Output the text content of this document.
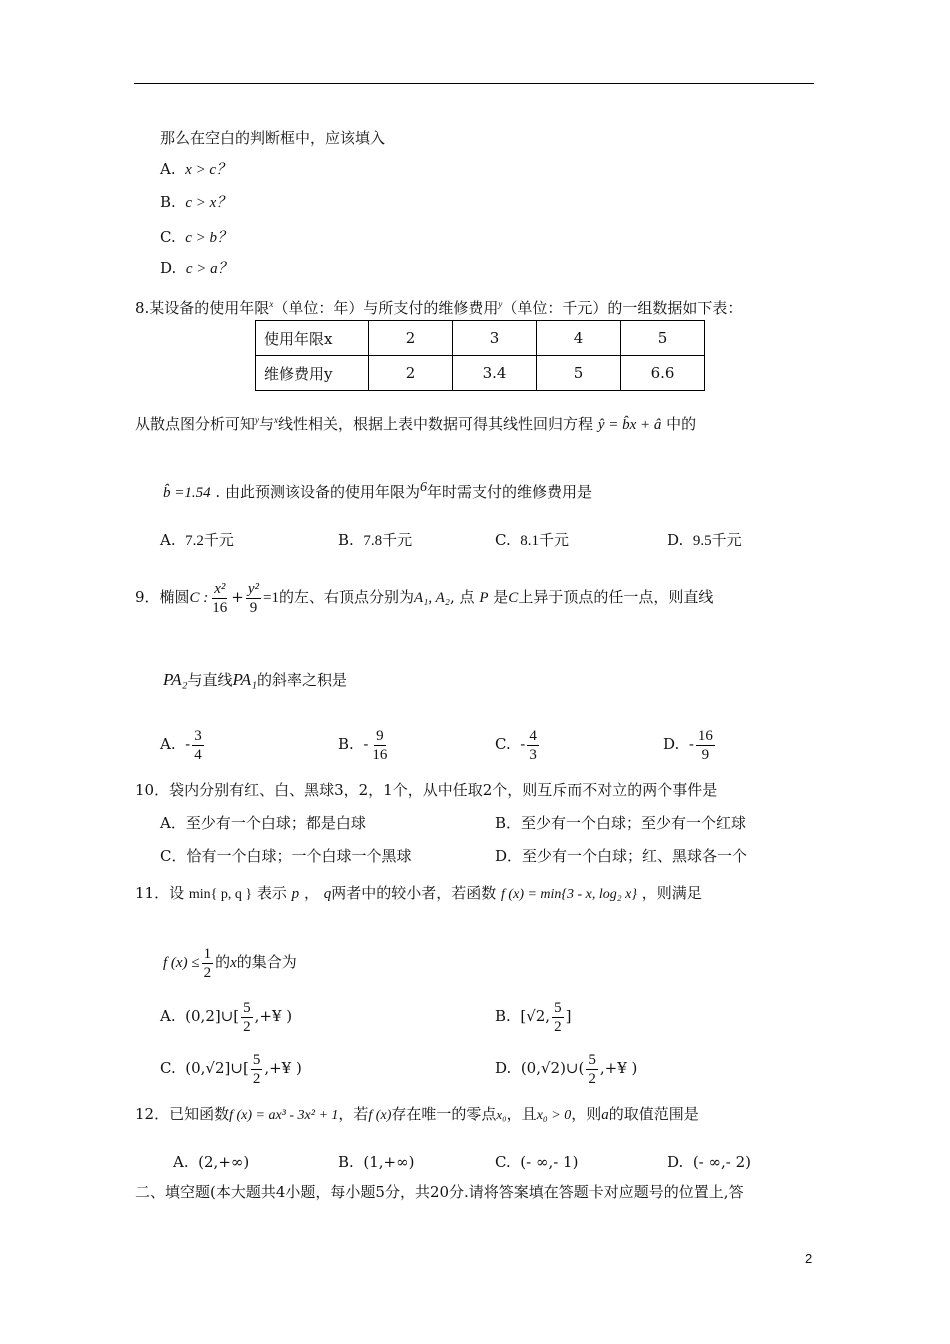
那么在空白的判断框中，应该填入
A. x > c？
B. c > x？
C. c > b？
D. c > a？
8.某设备的使用年限$^x$（单位：年）与所支付的维修费用$^y$（单位：千元）的一组数据如下表：
使用年限x	2	3	4	5
维修费用y	2	3.4	5	6.6
从散点图分析可知$^y$与$^x$线性相关，根据上表中数据可得其线性回归方程 ŷ = b̂x + â 中的
b̂ =1.54 . 由此预测该设备的使用年限为$^6$年时需支付的维修费用是
A. 7.2千元	B. 7.8千元	C. 8.1千元	D. 9.5千元
9．椭圆C : $\frac{\text{x²}}{16} + \frac{\text{y²}}{9} =1$的左、右顶点分别为A₁, A₂, 点 P 是C上异于顶点的任一点，则直线
PA₂与直线PA₁的斜率之积是
A. - $\frac{3}{4}$	B. - $\frac{9}{16}$	C. - $\frac{4}{3}$	D. - $\frac{16}{9}$
10．袋内分别有红、白、黑球3，2，1个，从中任取2个，则互斥而不对立的两个事件是
A．至少有一个白球；都是白球	B．至少有一个白球；至少有一个红球
C．恰有一个白球；一个白球一个黑球	D．至少有一个白球；红、黑球各一个
11．设 min{ p, q } 表示 p ， q两者中的较小者，若函数 f (x) = min{3 - x, log₂ x} ，则满足
f $(x) \le \frac{1}{2}$ 的x的集合为
A. (0,2]∪[ $\frac{5}{2}$ ,+¥ )	B. [√2, $\frac{5}{2}$ ]
C. (0,√2]∪[ $\frac{5}{2}$ ,+¥ )	D. (0,√2)∪( $\frac{5}{2}$ ,+¥ )
12．已知函数f (x) = ax³ - 3x² + 1，若f (x)存在唯一的零点x₀，且x₀ > 0，则a的取值范围是
A. (2,+∞)	B. (1,+∞)	C. (- ∞,- 1)	D. (- ∞,- 2)
二、填空题(本大题共4小题，每小题5分，共20分.请将答案填在答题卡对应题号的位置上,答
2
